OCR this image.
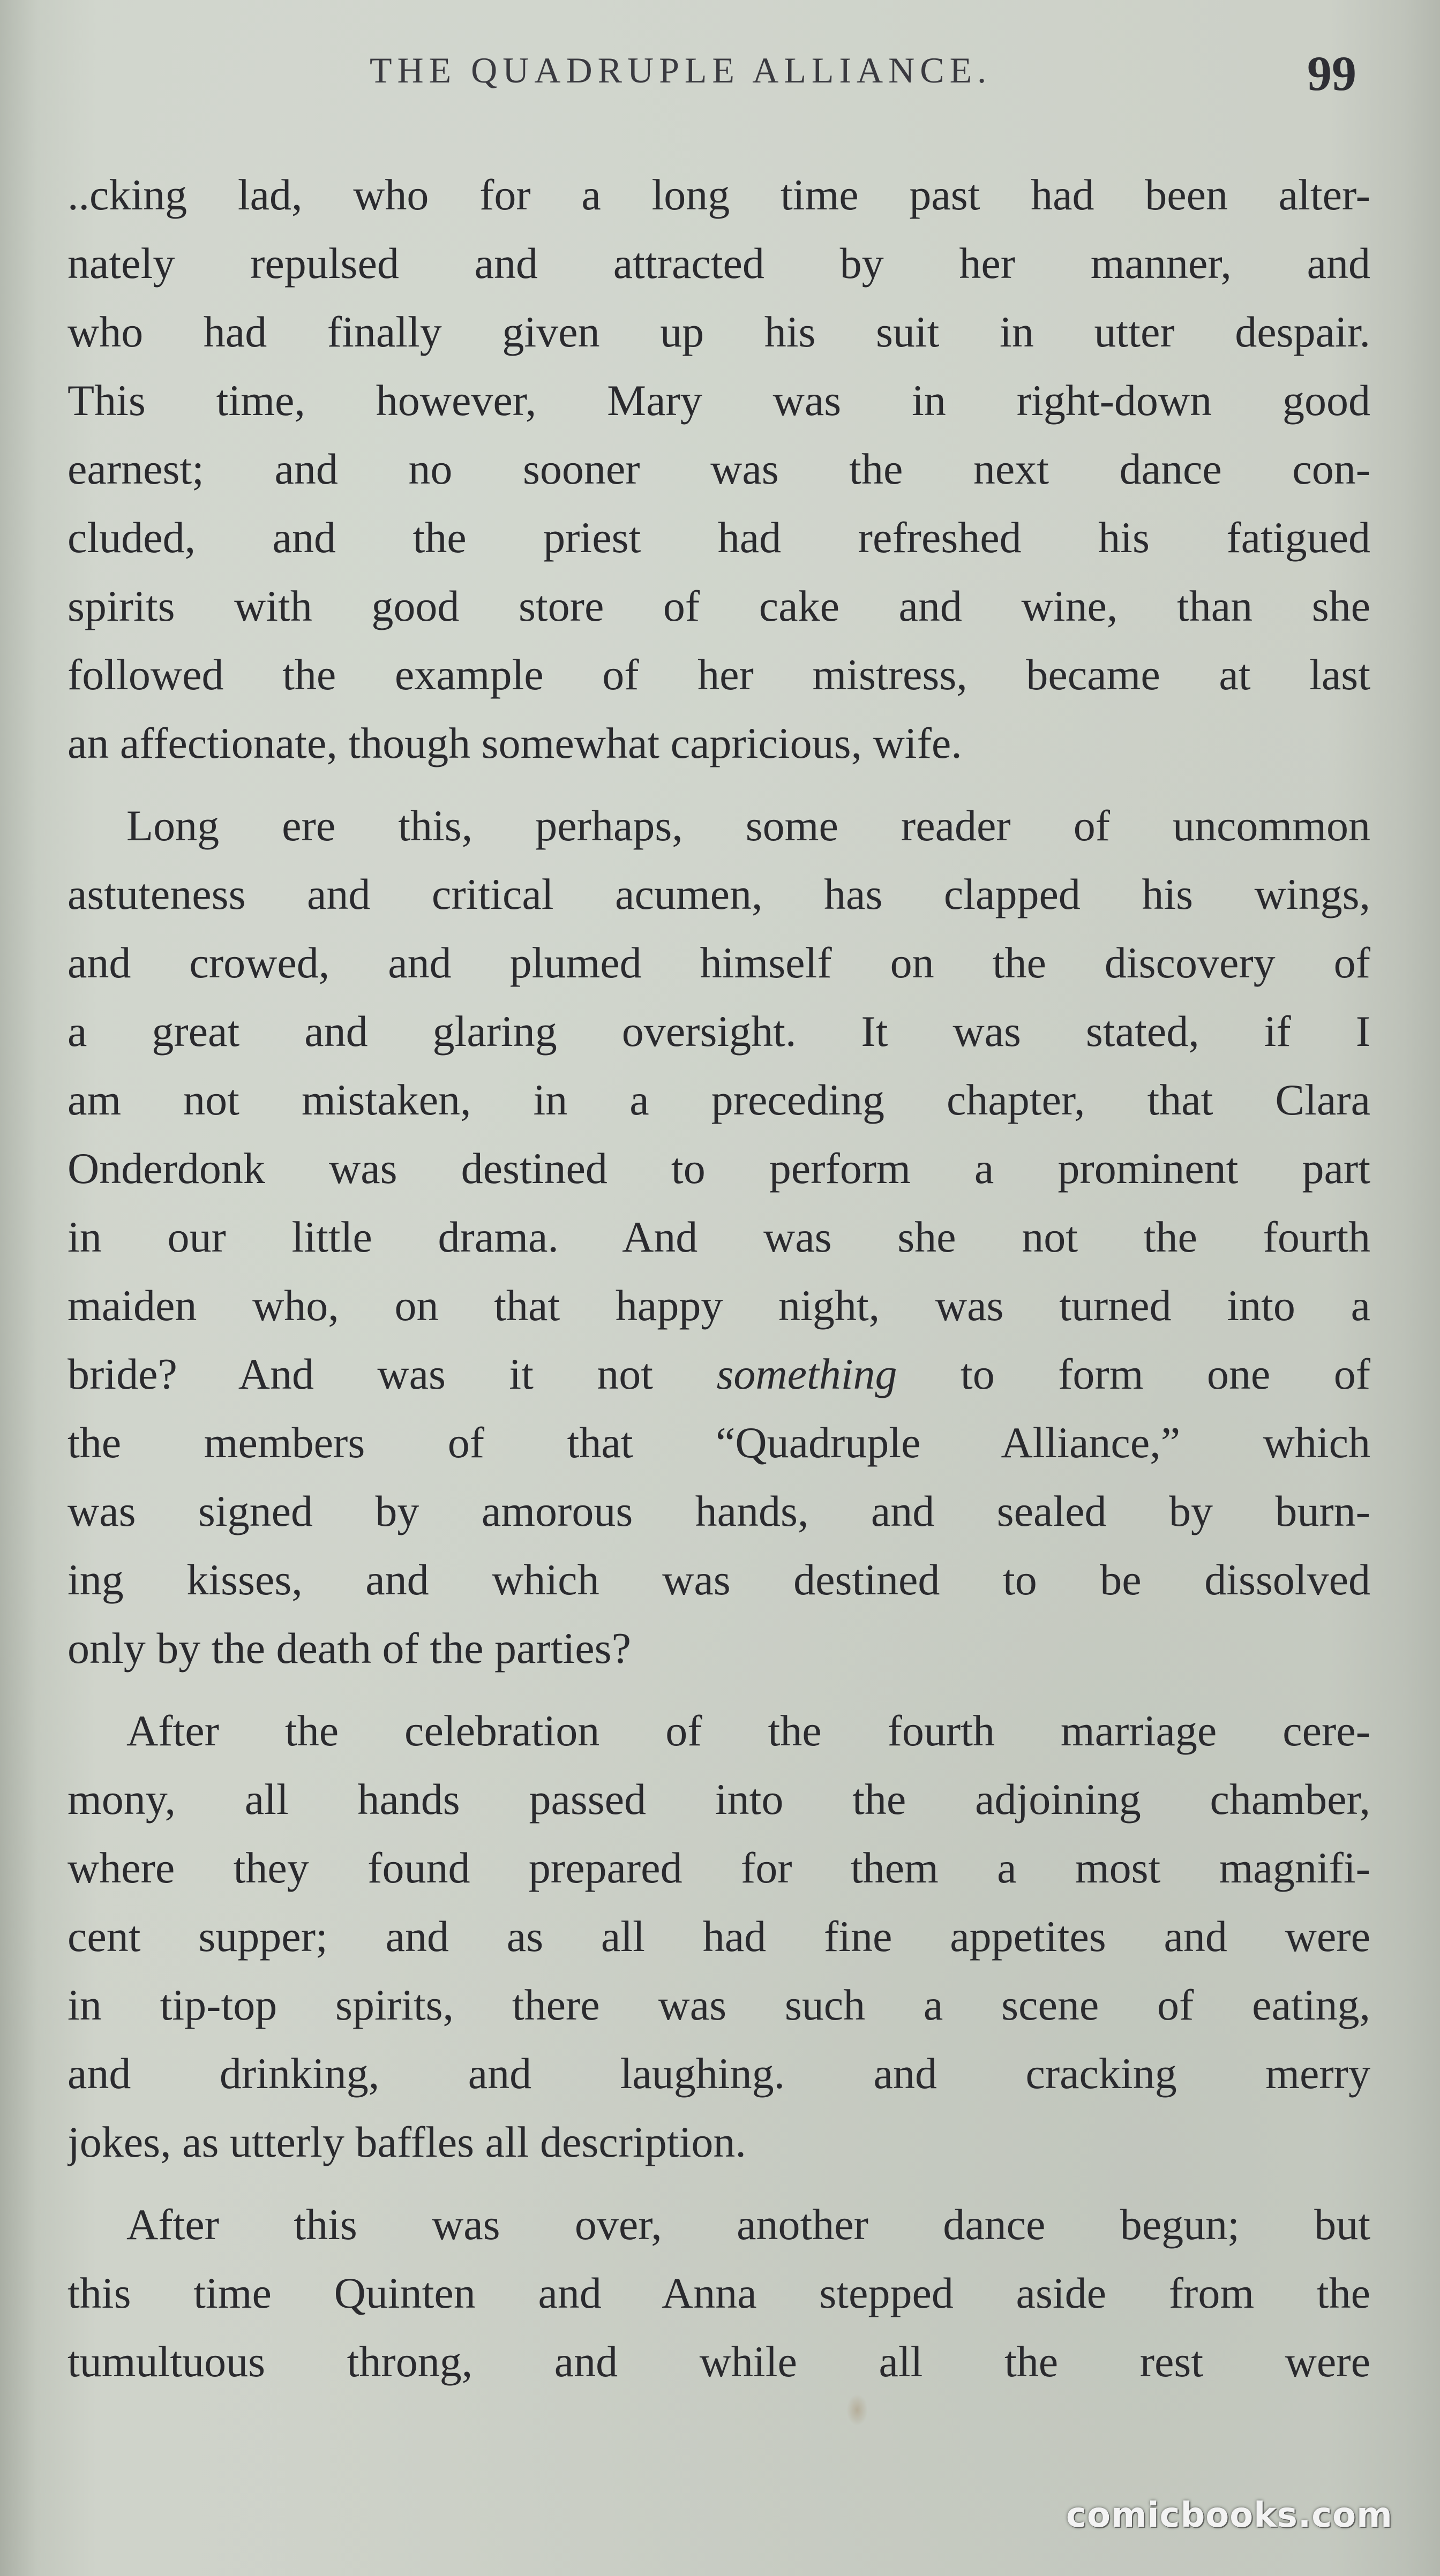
THE QUADRUPLE ALLIANCE.	99
..cking lad, who for a long time past had been alter-
nately repulsed and attracted by her manner, and
who had finally given up his suit in utter despair.
This time, however, Mary was in right-down good
earnest; and no sooner was the next dance con-
cluded, and the priest had refreshed his fatigued
spirits with good store of cake and wine, than she
followed the example of her mistress, became at last
an affectionate, though somewhat capricious, wife.
Long ere this, perhaps, some reader of uncommon
astuteness and critical acumen, has clapped his wings,
and crowed, and plumed himself on the discovery of
a great and glaring oversight. It was stated, if I
am not mistaken, in a preceding chapter, that Clara
Onderdonk was destined to perform a prominent part
in our little drama. And was she not the fourth
maiden who, on that happy night, was turned into a
bride? And was it not something to form one of
the members of that “Quadruple Alliance,” which
was signed by amorous hands, and sealed by burn-
ing kisses, and which was destined to be dissolved
only by the death of the parties?
After the celebration of the fourth marriage cere-
mony, all hands passed into the adjoining chamber,
where they found prepared for them a most magnifi-
cent supper; and as all had fine appetites and were
in tip-top spirits, there was such a scene of eating,
and drinking, and laughing. and cracking merry
jokes, as utterly baffles all description.
After this was over, another dance begun; but
this time Quinten and Anna stepped aside from the
tumultuous throng, and while all the rest were
comicbooks.com
